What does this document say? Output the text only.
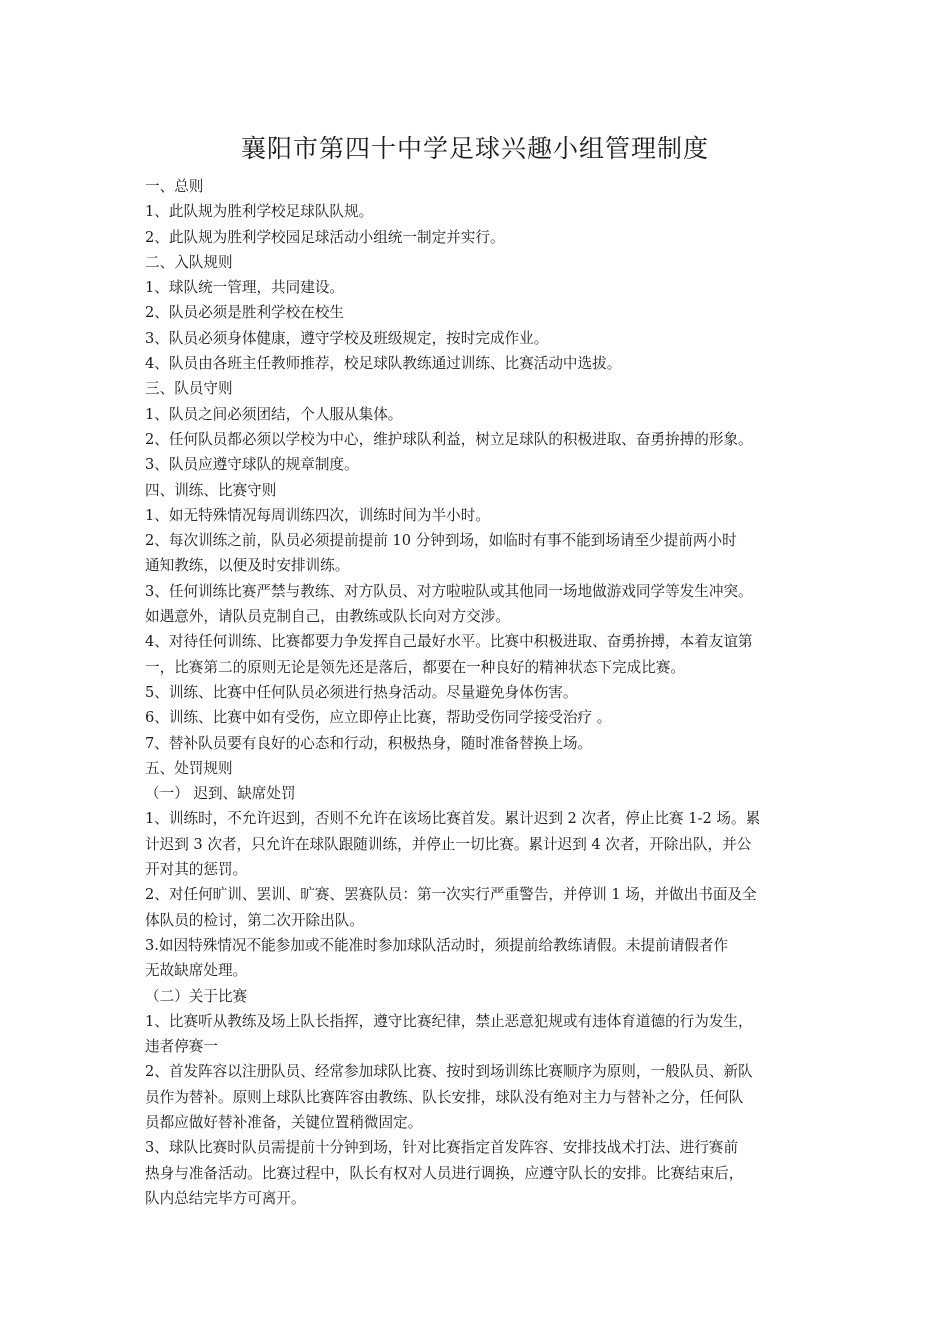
襄阳市第四十中学足球兴趣小组管理制度
一、总则
1、此队规为胜利学校足球队队规。
2、此队规为胜利学校园足球活动小组统一制定并实行。
二、入队规则
1、球队统一管理，共同建设。
2、队员必须是胜利学校在校生
3、队员必须身体健康，遵守学校及班级规定，按时完成作业。
4、队员由各班主任教师推荐，校足球队教练通过训练、比赛活动中选拔。
三、队员守则
1、队员之间必须团结，个人服从集体。
2、任何队员都必须以学校为中心，维护球队利益，树立足球队的积极进取、奋勇拚搏的形象。
3、队员应遵守球队的规章制度。
四、训练、比赛守则
1、如无特殊情况每周训练四次，训练时间为半小时。
2、每次训练之前，队员必须提前提前 10 分钟到场，如临时有事不能到场请至少提前两小时
通知教练，以便及时安排训练。
3、任何训练比赛严禁与教练、对方队员、对方啦啦队或其他同一场地做游戏同学等发生冲突。
如遇意外，请队员克制自己，由教练或队长向对方交涉。
4、对待任何训练、比赛都要力争发挥自己最好水平。比赛中积极进取、奋勇拚搏，本着友谊第
一，比赛第二的原则无论是领先还是落后，都要在一种良好的精神状态下完成比赛。
5、训练、比赛中任何队员必须进行热身活动。尽量避免身体伤害。
6、训练、比赛中如有受伤，应立即停止比赛，帮助受伤同学接受治疗 。
7、替补队员要有良好的心态和行动，积极热身，随时准备替换上场。
五、处罚规则
（一） 迟到、缺席处罚
1、训练时，不允许迟到，否则不允许在该场比赛首发。累计迟到 2 次者，停止比赛 1-2 场。累
计迟到 3 次者，只允许在球队跟随训练，并停止一切比赛。累计迟到 4 次者，开除出队，并公
开对其的惩罚。
2、对任何旷训、罢训、旷赛、罢赛队员：第一次实行严重警告，并停训 1 场，并做出书面及全
体队员的检讨，第二次开除出队。
3.如因特殊情况不能参加或不能准时参加球队活动时，须提前给教练请假。未提前请假者作
无故缺席处理。
（二）关于比赛
1、比赛听从教练及场上队长指挥，遵守比赛纪律，禁止恶意犯规或有违体育道德的行为发生，
违者停赛一
2、首发阵容以注册队员、经常参加球队比赛、按时到场训练比赛顺序为原则，一般队员、新队
员作为替补。原则上球队比赛阵容由教练、队长安排，球队没有绝对主力与替补之分，任何队
员都应做好替补准备，关键位置稍微固定。
3、球队比赛时队员需提前十分钟到场，针对比赛指定首发阵容、安排技战术打法、进行赛前
热身与准备活动。比赛过程中，队长有权对人员进行调换，应遵守队长的安排。比赛结束后，
队内总结完毕方可离开。
